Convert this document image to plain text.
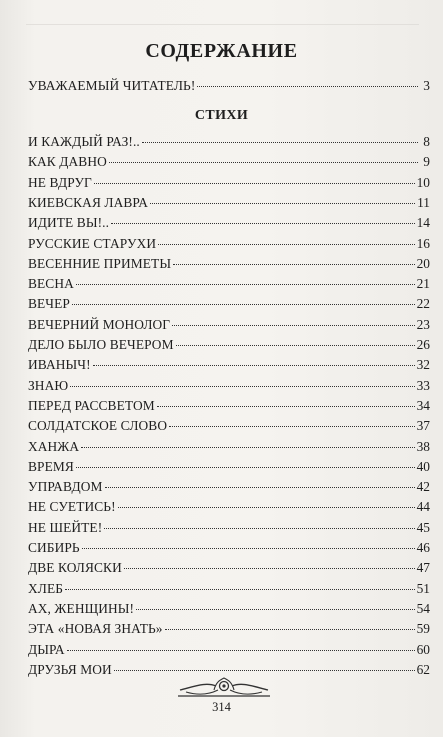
СОДЕРЖАНИЕ
УВАЖАЕМЫЙ ЧИТАТЕЛЬ!	3
СТИХИ
И КАЖДЫЙ РАЗ!..	8
КАК ДАВНО	9
НЕ ВДРУГ	10
КИЕВСКАЯ ЛАВРА	11
ИДИТЕ ВЫ!..	14
РУССКИЕ СТАРУХИ	16
ВЕСЕННИЕ ПРИМЕТЫ	20
ВЕСНА	21
ВЕЧЕР	22
ВЕЧЕРНИЙ МОНОЛОГ	23
ДЕЛО БЫЛО ВЕЧЕРОМ	26
ИВАНЫЧ!	32
ЗНАЮ	33
ПЕРЕД РАССВЕТОМ	34
СОЛДАТСКОЕ СЛОВО	37
ХАНЖА	38
ВРЕМЯ	40
УПРАВДОМ	42
НЕ СУЕТИСЬ!	44
НЕ ШЕЙТЕ!	45
СИБИРЬ	46
ДВЕ КОЛЯСКИ	47
ХЛЕБ	51
АХ, ЖЕНЩИНЫ!	54
ЭТА «НОВАЯ ЗНАТЬ»	59
ДЫРА	60
ДРУЗЬЯ МОИ	62
314
